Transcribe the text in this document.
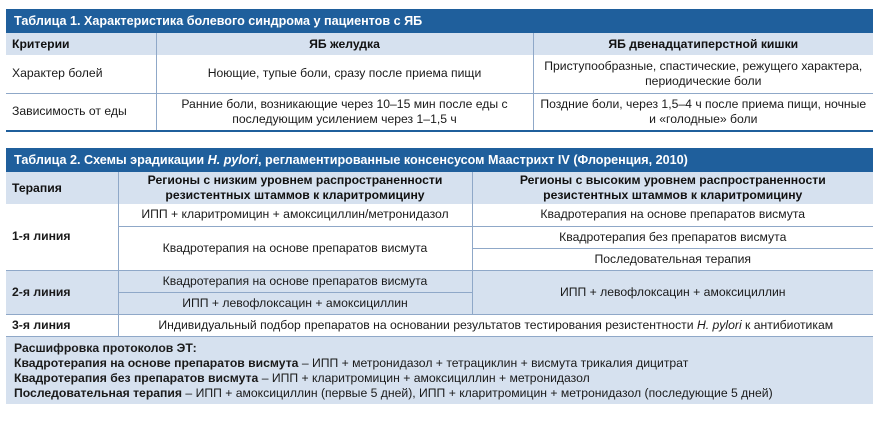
Таблица 1. Характеристика болевого синдрома у пациентов с ЯБ		
Критерии	ЯБ желудка	ЯБ двенадцатиперстной кишки
Характер болей	Ноющие, тупые боли, сразу после приема пищи	Приступообразные, спастические, режущего характера, периодические боли
Зависимость от еды	Ранние боли, возникающие через 10–15 мин после еды с последующим усилением через 1–1,5 ч	Поздние боли, через 1,5–4 ч после приема пищи, ночные и «голодные» боли
Таблица 2. Схемы эрадикации H. pylori, регламентированные консенсусом Маастрихт IV (Флоренция, 2010)		
Терапия	Регионы с низким уровнем распространенности резистентных штаммов к кларитромицину	Регионы с высоким уровнем распространенности резистентных штаммов к кларитромицину
1-я линия	ИПП + кларитромицин + амоксициллин/метронидазол	Квадротерапия на основе препаратов висмута
	Квадротерапия на основе препаратов висмута	Квадротерапия без препаратов висмута
		Последовательная терапия
2-я линия	Квадротерапия на основе препаратов висмута	ИПП + левофлоксацин + амоксициллин
	ИПП + левофлоксацин + амоксициллин	
3-я линия	Индивидуальный подбор препаратов на основании результатов тестирования резистентности H. pylori к антибиотикам	

Расшифровка протоколов ЭТ:
Квадротерапия на основе препаратов висмута – ИПП + метронидазол + тетрациклин + висмута трикалия дицитрат
Квадротерапия без препаратов висмута – ИПП + кларитромицин + амоксициллин + метронидазол
Последовательная терапия – ИПП + амоксициллин (первые 5 дней), ИПП + кларитромицин + метронидазол (последующие 5 дней)		
